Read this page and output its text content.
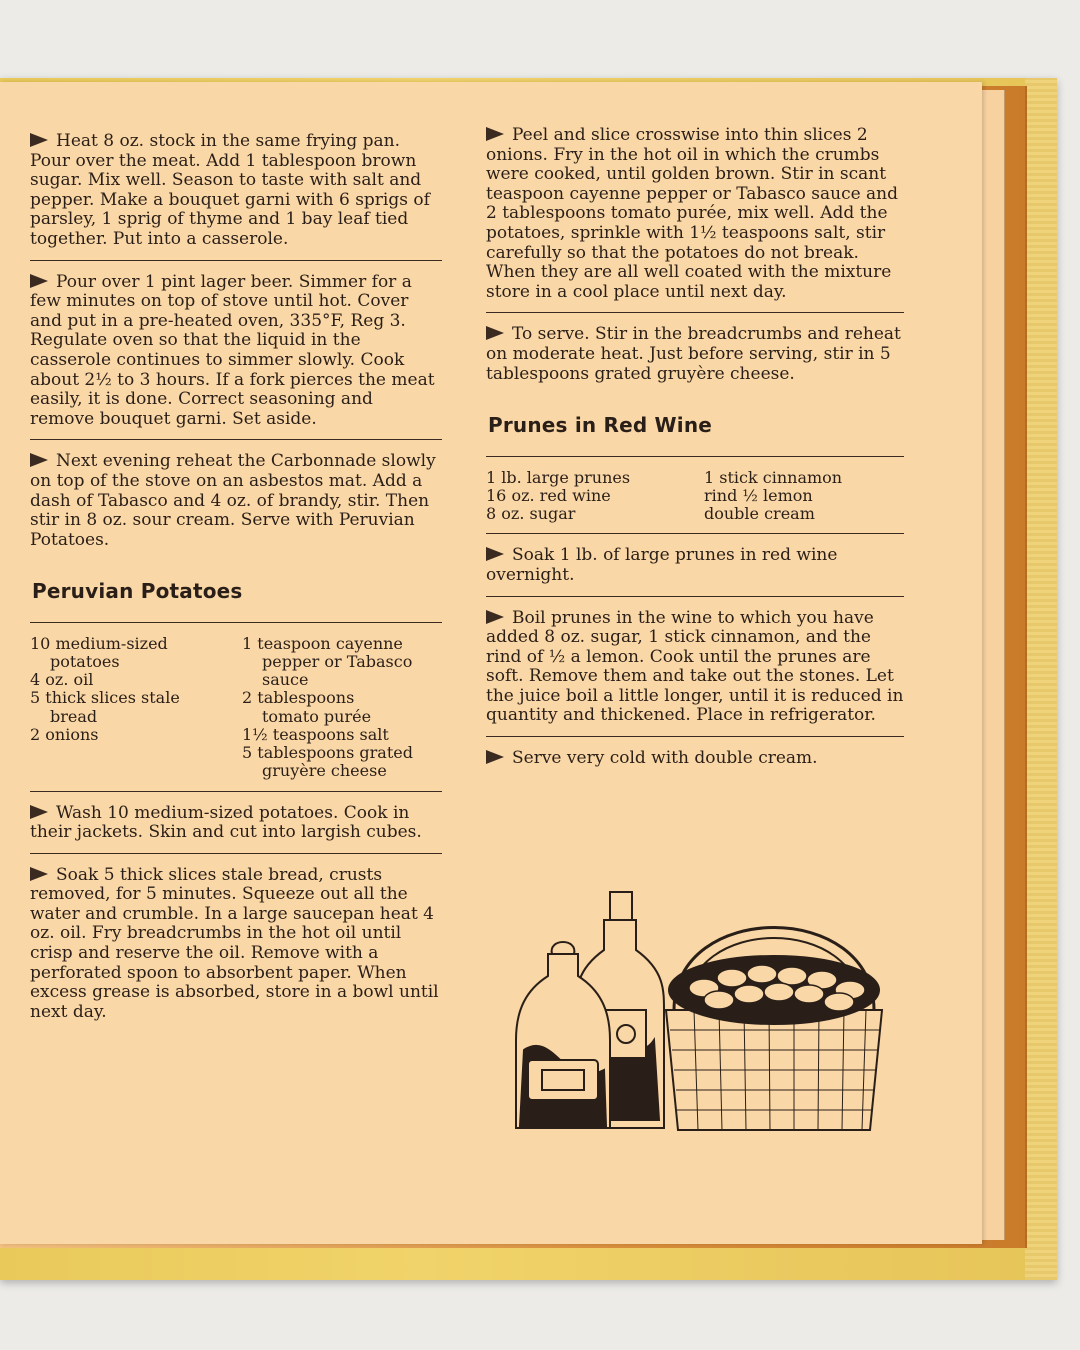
Heat 8 oz. stock in the same frying pan. Pour over the meat. Add 1 tablespoon brown sugar. Mix well. Season to taste with salt and pepper. Make a bouquet garni with 6 sprigs of parsley, 1 sprig of thyme and 1 bay leaf tied together. Put into a casserole.

Pour over 1 pint lager beer. Simmer for a few minutes on top of stove until hot. Cover and put in a pre-heated oven, 335°F, Reg 3. Regulate oven so that the liquid in the casserole continues to simmer slowly. Cook about 2½ to 3 hours. If a fork pierces the meat easily, it is done. Correct seasoning and remove bouquet garni. Set aside.

Next evening reheat the Carbonnade slowly on top of the stove on an asbestos mat. Add a dash of Tabasco and 4 oz. of brandy, stir. Then stir in 8 oz. sour cream. Serve with Peruvian Potatoes.

Peruvian Potatoes
10 medium-sized
potatoes
4 oz. oil
5 thick slices stale
bread
2 onions
1 teaspoon cayenne
pepper or Tabasco
sauce
2 tablespoons
tomato purée
1½ teaspoons salt
5 tablespoons grated
gruyère cheese

Wash 10 medium-sized potatoes. Cook in their jackets. Skin and cut into largish cubes.

Soak 5 thick slices stale bread, crusts removed, for 5 minutes. Squeeze out all the water and crumble. In a large saucepan heat 4 oz. oil. Fry breadcrumbs in the hot oil until crisp and reserve the oil. Remove with a perforated spoon to absorbent paper. When excess grease is absorbed, store in a bowl until next day.

Peel and slice crosswise into thin slices 2 onions. Fry in the hot oil in which the crumbs were cooked, until golden brown. Stir in scant teaspoon cayenne pepper or Tabasco sauce and 2 tablespoons tomato purée, mix well. Add the potatoes, sprinkle with 1½ teaspoons salt, stir carefully so that the potatoes do not break. When they are all well coated with the mixture store in a cool place until next day.

To serve. Stir in the breadcrumbs and reheat on moderate heat. Just before serving, stir in 5 tablespoons grated gruyère cheese.

Prunes in Red Wine
1 lb. large prunes
16 oz. red wine
8 oz. sugar
1 stick cinnamon
rind ½ lemon
double cream

Soak 1 lb. of large prunes in red wine overnight.

Boil prunes in the wine to which you have added 8 oz. sugar, 1 stick cinnamon, and the rind of ½ a lemon. Cook until the prunes are soft. Remove them and take out the stones. Let the juice boil a little longer, until it is reduced in quantity and thickened. Place in refrigerator.

Serve very cold with double cream.
